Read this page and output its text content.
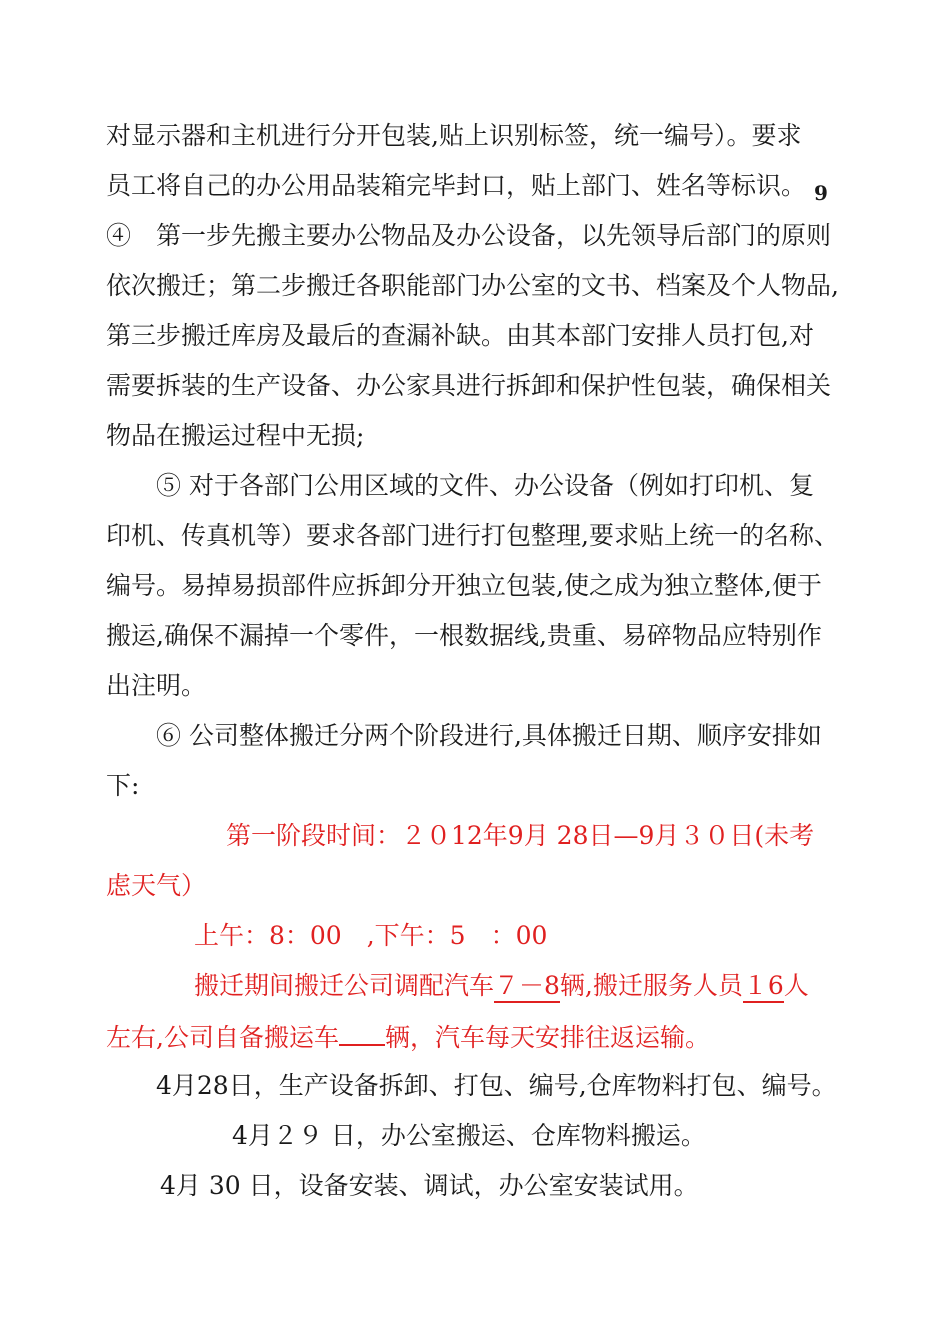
对显示器和主机进行分开包装,贴上识别标签，统一编号）。要求
员工将自己的办公用品装箱完毕封口，贴上部门、姓名等标识。 $_9$
④　第一步先搬主要办公物品及办公设备，以先领导后部门的原则
依次搬迁；第二步搬迁各职能部门办公室的文书、档案及个人物品,
第三步搬迁库房及最后的查漏补缺。由其本部门安排人员打包,对
需要拆装的生产设备、办公家具进行拆卸和保护性包装，确保相关
物品在搬运过程中无损;
⑤ 对于各部门公用区域的文件、办公设备（例如打印机、复
印机、传真机等）要求各部门进行打包整理,要求贴上统一的名称、
编号。易掉易损部件应拆卸分开独立包装,使之成为独立整体,便于
搬运,确保不漏掉一个零件，一根数据线,贵重、易碎物品应特别作
出注明。
⑥ 公司整体搬迁分两个阶段进行,具体搬迁日期、顺序安排如
下:
第一阶段时间：２０12年9月 28日—9月３０日(未考
虑天气）
上午：8：00　,下午：5　：00
搬迁期间搬迁公司调配汽车７－8辆,搬迁服务人员１6人
左右,公司自备搬运车 辆，汽车每天安排往返运输。
4月28日，生产设备拆卸、打包、编号,仓库物料打包、编号。
4月２９ 日，办公室搬运、仓库物料搬运。
4月 30 日，设备安装、调试，办公室安装试用。
